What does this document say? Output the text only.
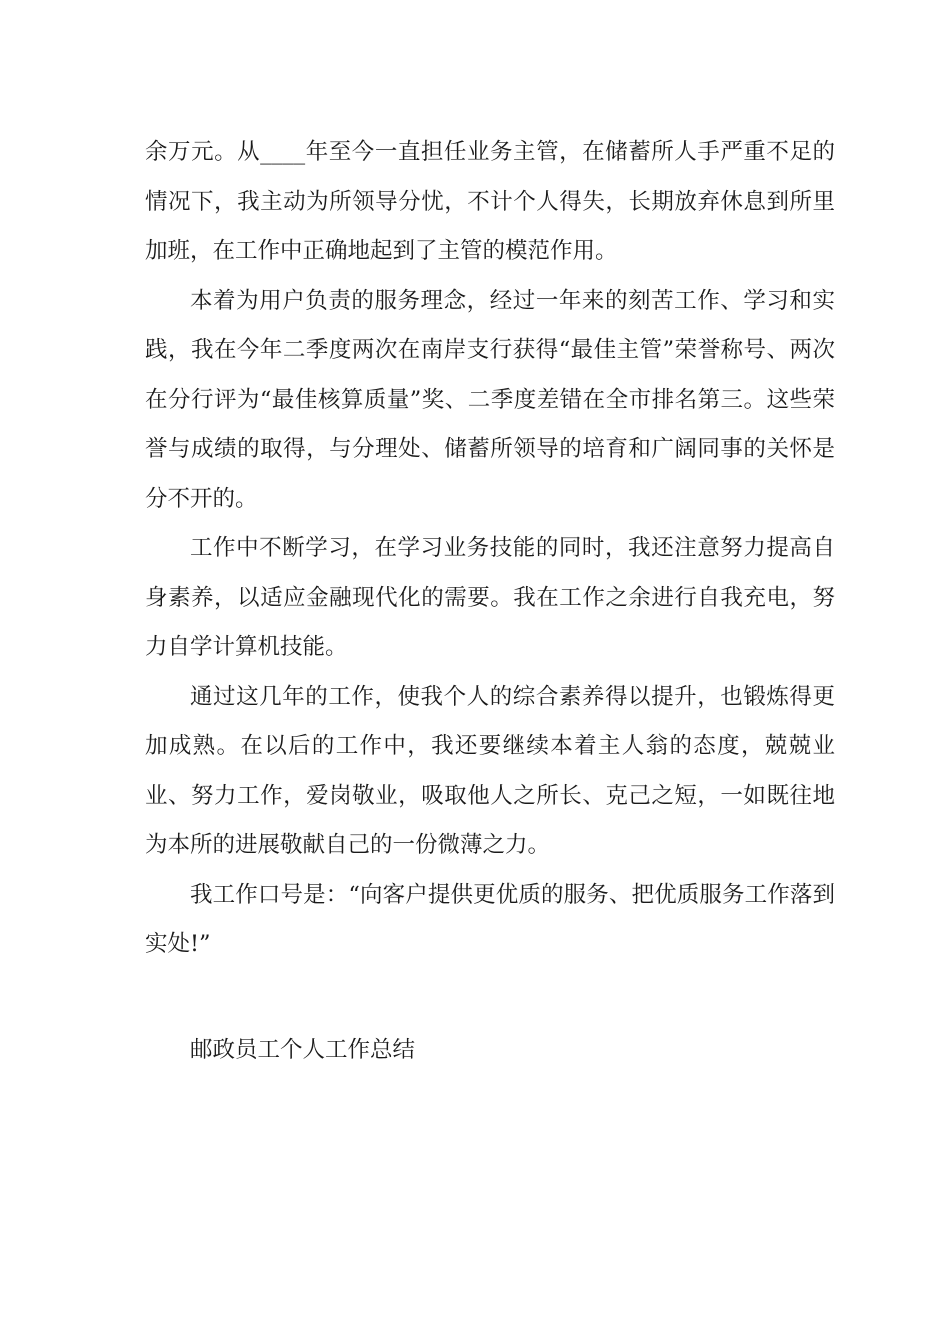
余万元。从____年至今一直担任业务主管，在储蓄所人手严重不足的情况下，我主动为所领导分忧，不计个人得失，长期放弃休息到所里加班，在工作中正确地起到了主管的模范作用。

本着为用户负责的服务理念，经过一年来的刻苦工作、学习和实践，我在今年二季度两次在南岸支行获得“最佳主管”荣誉称号、两次在分行评为“最佳核算质量”奖、二季度差错在全市排名第三。这些荣誉与成绩的取得，与分理处、储蓄所领导的培育和广阔同事的关怀是分不开的。

工作中不断学习，在学习业务技能的同时，我还注意努力提高自身素养，以适应金融现代化的需要。我在工作之余进行自我充电，努力自学计算机技能。

通过这几年的工作，使我个人的综合素养得以提升，也锻炼得更加成熟。在以后的工作中，我还要继续本着主人翁的态度，兢兢业业、努力工作，爱岗敬业，吸取他人之所长、克己之短，一如既往地为本所的进展敬献自己的一份微薄之力。

我工作口号是：“向客户提供更优质的服务、把优质服务工作落到实处!”

邮政员工个人工作总结
